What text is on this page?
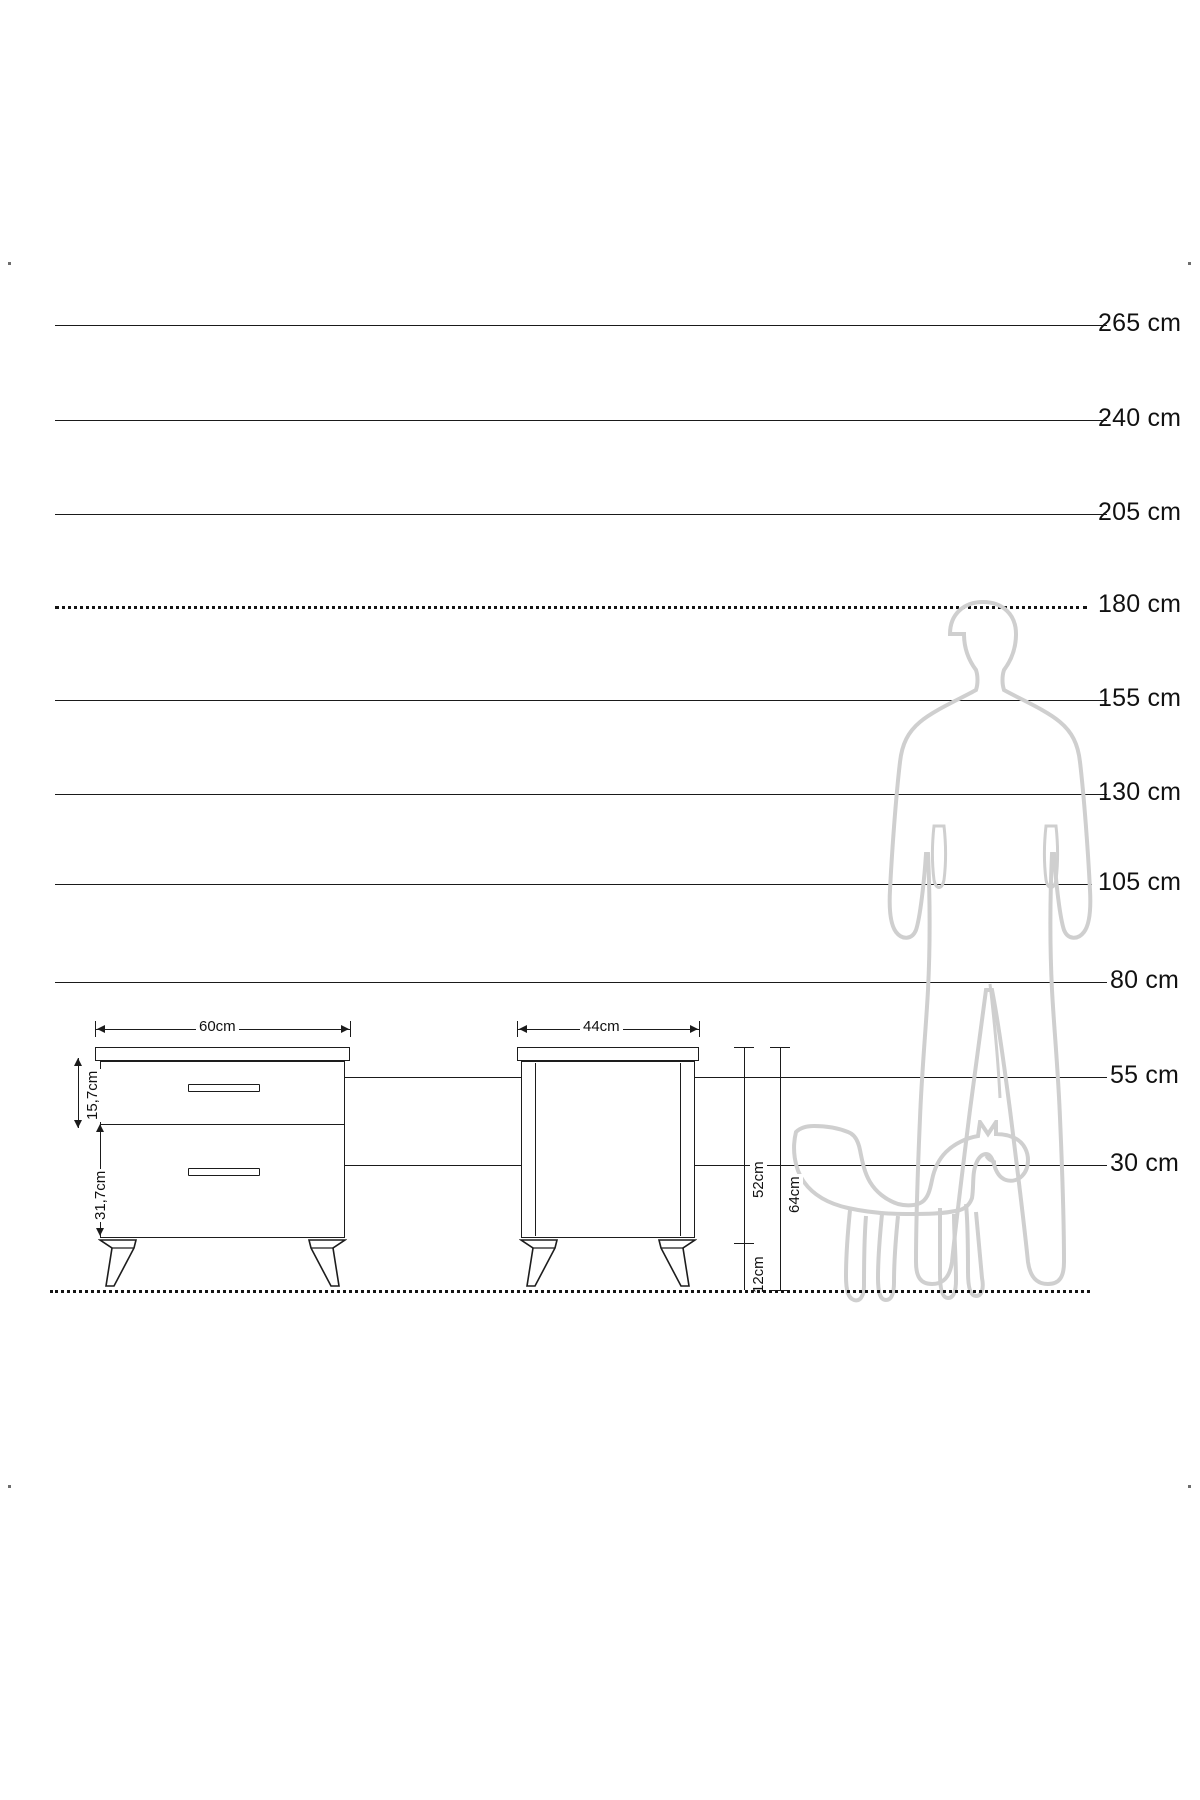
265 cm
240 cm
205 cm
180 cm
155 cm
130 cm
105 cm
80 cm
55 cm
30 cm
60cm	44cm
15,7cm
31,7cm	52cm 64cm
12cm
